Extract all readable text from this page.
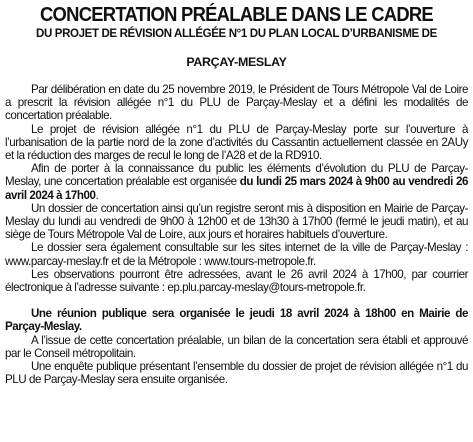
CONCERTATION PRÉALABLE DANS LE CADRE
DU PROJET DE RÉVISION ALLÉGÉE N°1 DU PLAN LOCAL D’URBANISME DE
PARÇAY-MESLAY

Par délibération en date du 25 novembre 2019, le Président de Tours Métropole Val de Loire a prescrit la révision allégée n°1 du PLU de Parçay-Meslay et a défini les modalités de concertation préalable.

Le projet de révision allégée n°1 du PLU de Parçay-Meslay porte sur l’ouverture à l’urbanisation de la partie nord de la zone d’activités du Cassantin actuellement classée en 2AUy et la réduction des marges de recul le long de l’A28 et de la RD910.

Afin de porter à la connaissance du public les éléments d’évolution du PLU de Parçay-Meslay, une concertation préalable est organisée du lundi 25 mars 2024 à 9h00 au vendredi 26 avril 2024 à 17h00.

Un dossier de concertation ainsi qu’un registre seront mis à disposition en Mairie de Parçay-Meslay du lundi au vendredi de 9h00 à 12h00 et de 13h30 à 17h00 (fermé le jeudi matin), et au siège de Tours Métropole Val de Loire, aux jours et horaires habituels d’ouverture.

Le dossier sera également consultable sur les sites internet de la ville de Parçay-Meslay : www.parcay-meslay.fr et de la Métropole : www.tours-metropole.fr.

Les observations pourront être adressées, avant le 26 avril 2024 à 17h00, par courrier électronique à l’adresse suivante : ep.plu.parcay-meslay@tours-metropole.fr.

Une réunion publique sera organisée le jeudi 18 avril 2024 à 18h00 en Mairie de Parçay-Meslay.

A l’issue de cette concertation préalable, un bilan de la concertation sera établi et approuvé par le Conseil métropolitain.

Une enquête publique présentant l’ensemble du dossier de projet de révision allégée n°1 du PLU de Parçay-Meslay sera ensuite organisée.
